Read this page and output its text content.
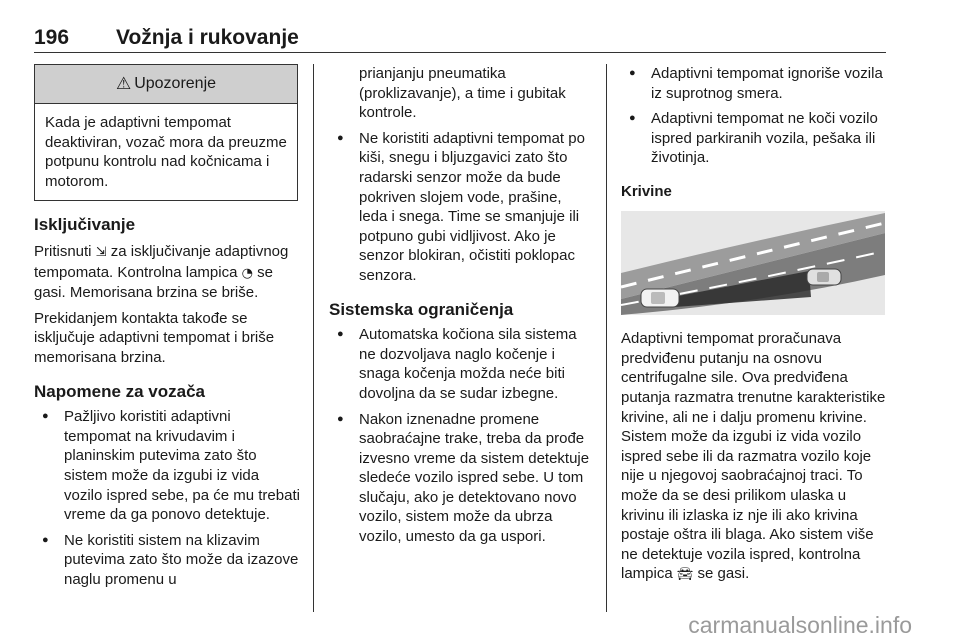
196 Vožnja i rukovanje
⚠ Upozorenje
Kada je adaptivni tempomat deaktiviran, vozač mora da preuzme potpunu kontrolu nad kočnicama i motorom.
Isključivanje

Pritisnuti ⇲ za isključivanje adaptivnog tempomata. Kontrolna lampica ◔ se gasi. Memorisana brzina se briše.

Prekidanjem kontakta takođe se isključuje adaptivni tempomat i briše memorisana brzina.

Napomene za vozača
● Pažljivo koristiti adaptivni tempomat na krivudavim i planinskim putevima zato što sistem može da izgubi iz vida vozilo ispred sebe, pa će mu trebati vreme da ga ponovo detektuje.
● Ne koristiti sistem na klizavim putevima zato što može da izazove naglu promenu u

prianjanju pneumatika (proklizavanje), a time i gubitak kontrole.

● Ne koristiti adaptivni tempomat po kiši, snegu i bljuzgavici zato što radarski senzor može da bude pokriven slojem vode, prašine, leda i snega. Time se smanjuje ili potpuno gubi vidljivost. Ako je senzor blokiran, očistiti poklopac senzora.
Sistemska ograničenja
● Automatska kočiona sila sistema ne dozvoljava naglo kočenje i snaga kočenja možda neće biti dovoljna da se sudar izbegne.
● Nakon iznenadne promene saobraćajne trake, treba da prođe izvesno vreme da sistem detektuje sledeće vozilo ispred sebe. U tom slučaju, ako je detektovano novo vozilo, sistem može da ubrza vozilo, umesto da ga uspori.
● Adaptivni tempomat ignoriše vozila iz suprotnog smera.
● Adaptivni tempomat ne koči vozilo ispred parkiranih vozila, pešaka ili životinja.
Krivine

Adaptivni tempomat proračunava predviđenu putanju na osnovu centrifugalne sile. Ova predviđena putanja razmatra trenutne karakteristike krivine, ali ne i dalju promenu krivine. Sistem može da izgubi iz vida vozilo ispred sebe ili da razmatra vozilo koje nije u njegovoj saobraćajnoj traci. To može da se desi prilikom ulaska u krivinu ili izlaska iz nje ili ako krivina postaje oštra ili blaga. Ako sistem više ne detektuje vozila ispred, kontrolna lampica 🚘︎ se gasi.

carmanualsonline.info
